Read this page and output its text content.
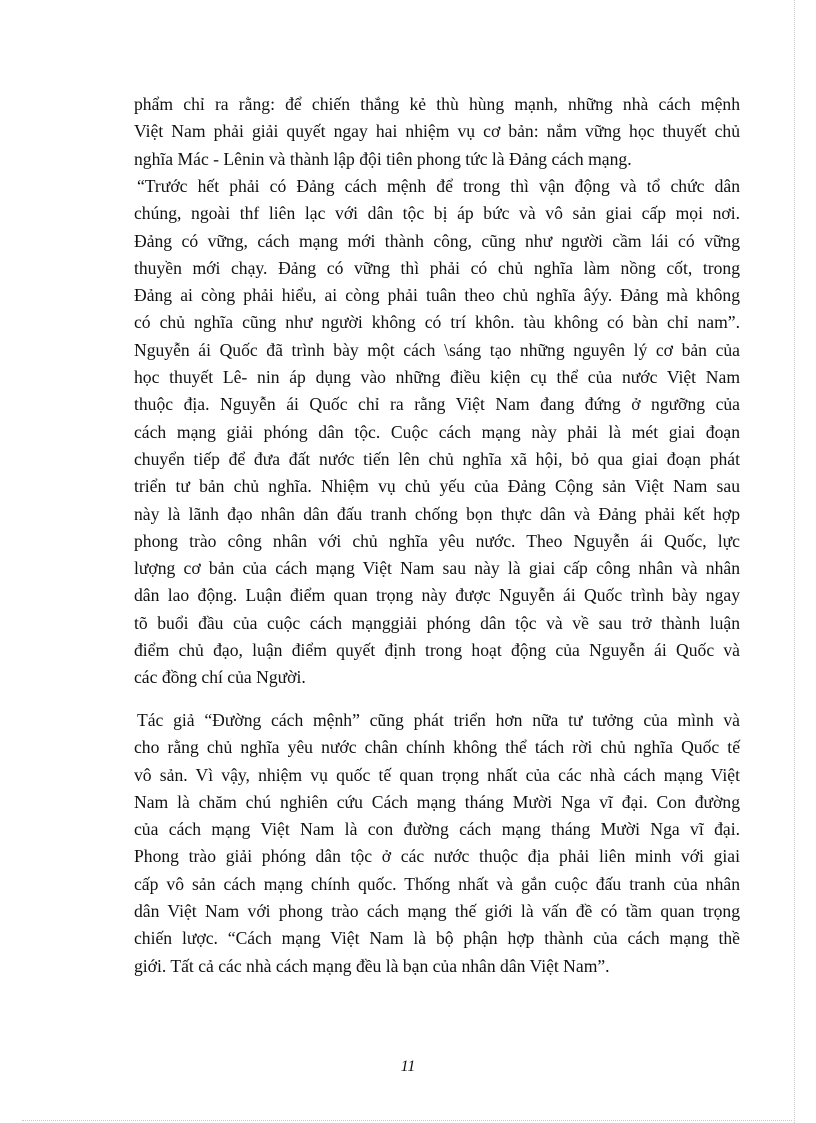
phẩm chỉ ra rằng: để chiến thắng kẻ thù hùng mạnh, những nhà cách mệnh
Việt Nam phải giải quyết ngay hai nhiệm vụ cơ bản: nắm vững học thuyết chủ
nghĩa Mác - Lênin và thành lập đội tiên phong tức là Đảng cách mạng.
“Trước hết phải có Đảng cách mệnh để trong thì vận động và tổ chức dân
chúng, ngoài thf liên lạc với dân tộc bị áp bức và vô sản giai cấp mọi nơi.
Đảng có vững, cách mạng mới thành công, cũng như người cầm lái có vững
thuyền mới chạy. Đảng có vững thì phải có chủ nghĩa làm nồng cốt, trong
Đảng ai còng phải hiểu, ai còng phải tuân theo chủ nghĩa âýy. Đảng mà không
có chủ nghĩa cũng như người không có trí khôn. tàu không có bàn chỉ nam”.
Nguyễn ái Quốc đã trình bày một cách \sáng tạo những nguyên lý cơ bản của
học thuyết Lê- nin áp dụng vào những điều kiện cụ thể của nước Việt Nam
thuộc địa. Nguyễn ái Quốc chỉ ra rằng Việt Nam đang đứng ở ngưỡng của
cách mạng giải phóng dân tộc. Cuộc cách mạng này phải là mét giai đoạn
chuyển tiếp để đưa đất nước tiến lên chủ nghĩa xã hội, bỏ qua giai đoạn phát
triển tư bản chủ nghĩa. Nhiệm vụ chủ yếu của Đảng Cộng sản Việt Nam sau
này là lãnh đạo nhân dân đấu tranh chống bọn thực dân và Đảng phải kết hợp
phong trào công nhân với chủ nghĩa yêu nước. Theo Nguyễn ái Quốc, lực
lượng cơ bản của cách mạng Việt Nam sau này là giai cấp công nhân và nhân
dân lao động. Luận điểm quan trọng này được Nguyễn ái Quốc trình bày ngay
tõ buổi đầu của cuộc cách mạnggiải phóng dân tộc và về sau trở thành luận
điểm chủ đạo, luận điểm quyết định trong hoạt động của Nguyễn ái Quốc và
các đồng chí của Người.
Tác giả “Đường cách mệnh” cũng phát triển hơn nữa tư tưởng của mình và
cho rằng chủ nghĩa yêu nước chân chính không thể tách rời chủ nghĩa Quốc tế
vô sản. Vì vậy, nhiệm vụ quốc tế quan trọng nhất của các nhà cách mạng Việt
Nam là chăm chú nghiên cứu Cách mạng tháng Mười Nga vĩ đại. Con đường
của cách mạng Việt Nam là con đường cách mạng tháng Mười Nga vĩ đại.
Phong trào giải phóng dân tộc ở các nước thuộc địa phải liên minh với giai
cấp vô sản cách mạng chính quốc. Thống nhất và gắn cuộc đấu tranh của nhân
dân Việt Nam với phong trào cách mạng thế giới là vấn đề có tầm quan trọng
chiến lược. “Cách mạng Việt Nam là bộ phận hợp thành của cách mạng thề
giới. Tất cả các nhà cách mạng đều là bạn của nhân dân Việt Nam”.
11
